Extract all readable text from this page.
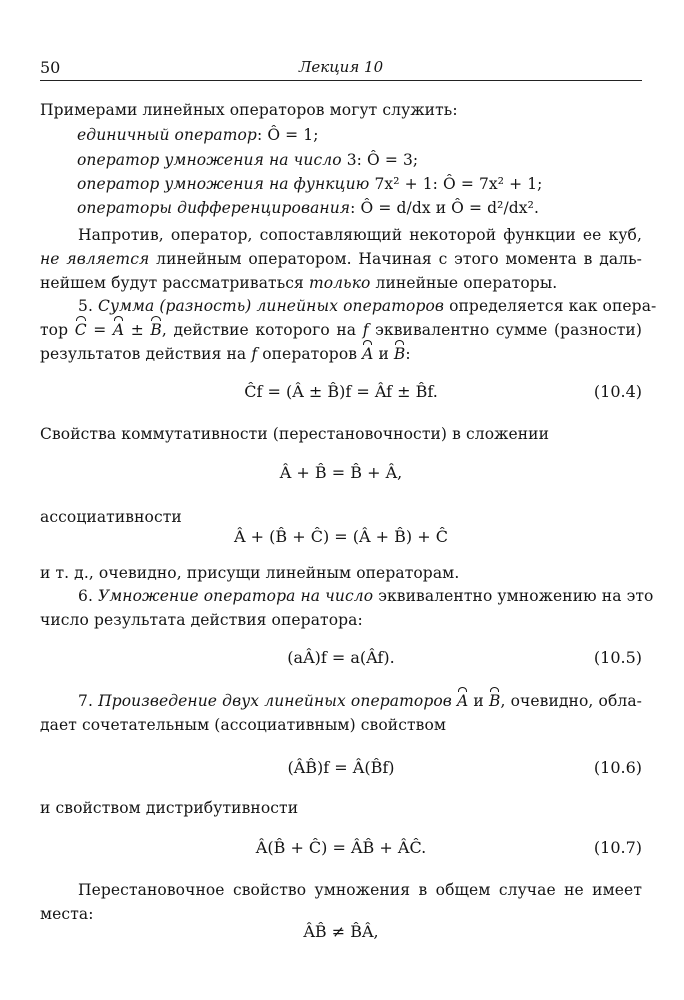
50	Лекция 10
Примерами линейных операторов могут служить:
единичный оператор: Ô = 1;
оператор умножения на число 3: Ô = 3;
оператор умножения на функцию 7x² + 1: Ô = 7x² + 1;
операторы дифференцирования: Ô = d/dx и Ô = d²/dx².
Напротив, оператор, сопоставляющий некоторой функции ее куб,
не является линейным оператором. Начиная с этого момента в даль-
нейшем будут рассматриваться только линейные операторы.
5. Сумма (разность) линейных операторов определяется как опера-
тор C = A ± B, действие которого на f эквивалентно сумме (разности)
результатов действия на f операторов A и B:
Ĉf = (Â ± B̂)f = Âf ± B̂f.	(10.4)
Свойства коммутативности (перестановочности) в сложении
Â + B̂ = B̂ + Â,
ассоциативности
Â + (B̂ + Ĉ) = (Â + B̂) + Ĉ
и т. д., очевидно, присущи линейным операторам.
6. Умножение оператора на число эквивалентно умножению на это
число результата действия оператора:
(aÂ)f = a(Âf).	(10.5)
7. Произведение двух линейных операторов A и B, очевидно, обла-
дает сочетательным (ассоциативным) свойством
(ÂB̂)f = Â(B̂f)	(10.6)
и свойством дистрибутивности
Â(B̂ + Ĉ) = ÂB̂ + ÂĈ.	(10.7)
Перестановочное свойство умножения в общем случае не имеет
места:
ÂB̂ ≠ B̂Â,
